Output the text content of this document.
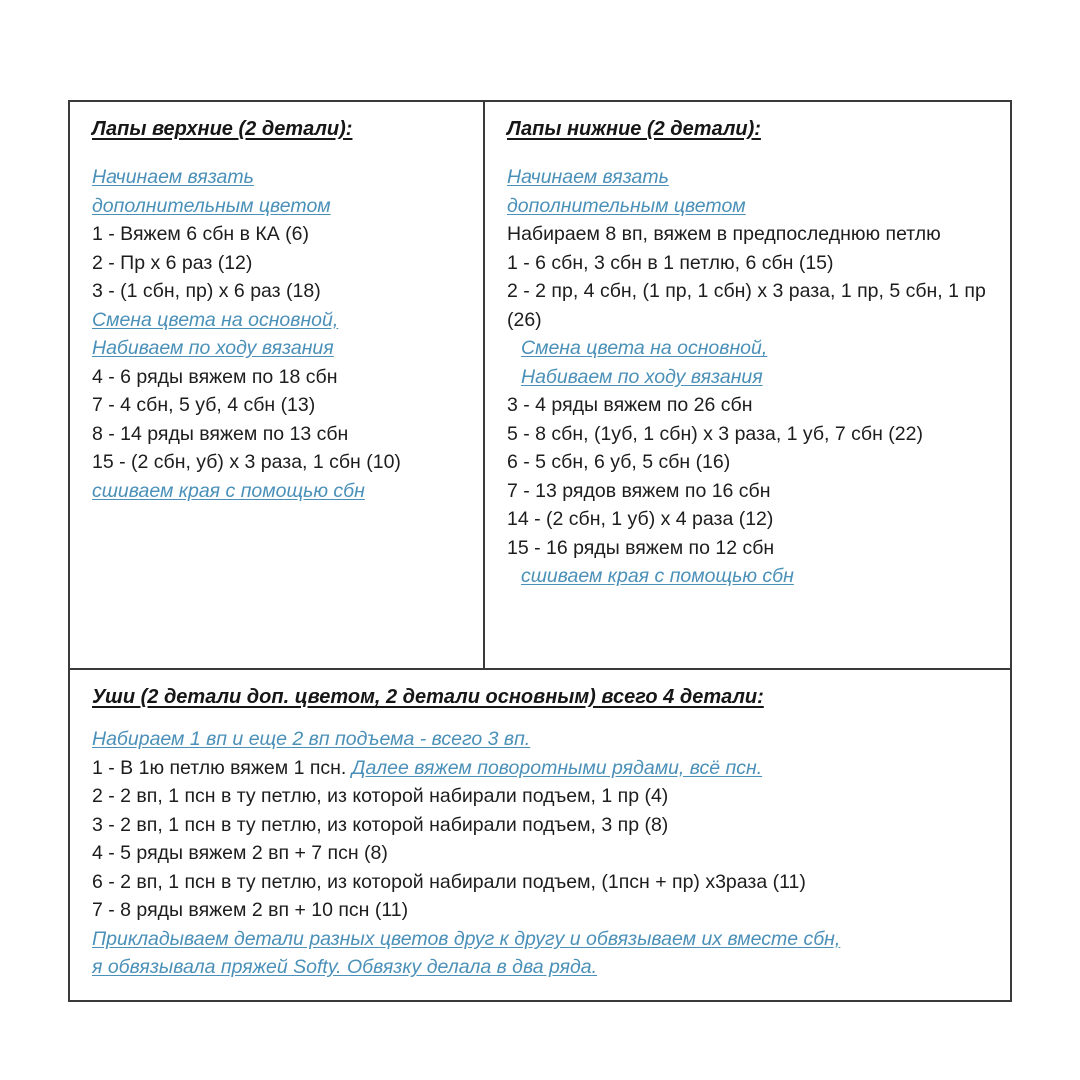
Лапы верхние (2 детали):
Начинаем вязать
дополнительным цветом
1 - Вяжем 6 сбн в КА (6)
2 - Пр х 6 раз (12)
3 - (1 сбн, пр) х 6 раз (18)
Смена цвета на основной,
Набиваем по ходу вязания
4 - 6 ряды вяжем по 18 сбн
7 - 4 сбн, 5 уб, 4 сбн (13)
8 - 14 ряды вяжем по 13 сбн
15 - (2 сбн, уб) х 3 раза, 1 сбн (10)
сшиваем края с помощью сбн
Лапы нижние (2 детали):
Начинаем вязать
дополнительным цветом
Набираем 8 вп, вяжем в предпоследнюю петлю
1 - 6 сбн, 3 сбн в 1 петлю, 6 сбн (15)
2 - 2 пр, 4 сбн, (1 пр, 1 сбн) х 3 раза, 1 пр, 5 сбн, 1 пр (26)
Смена цвета на основной,
Набиваем по ходу вязания
3 - 4 ряды вяжем по 26 сбн
5 - 8 сбн, (1уб, 1 сбн) х 3 раза, 1 уб, 7 сбн (22)
6 - 5 сбн, 6 уб, 5 сбн (16)
7 - 13 рядов вяжем по 16 сбн
14 - (2 сбн, 1 уб) х 4 раза (12)
15 - 16 ряды вяжем по 12 сбн
сшиваем края с помощью сбн
Уши (2 детали доп. цветом, 2 детали основным) всего 4 детали:
Набираем 1 вп и еще 2 вп подъема - всего 3 вп.
1 - В 1ю петлю вяжем 1 псн. Далее вяжем поворотными рядами, всё псн.
2 - 2 вп, 1 псн в ту петлю, из которой набирали подъем, 1 пр (4)
3 - 2 вп, 1 псн в ту петлю, из которой набирали подъем, 3 пр (8)
4 - 5 ряды вяжем 2 вп + 7 псн (8)
6 - 2 вп, 1 псн в ту петлю, из которой набирали подъем, (1псн + пр) х3раза (11)
7 - 8 ряды вяжем 2 вп + 10 псн (11)
Прикладываем детали разных цветов друг к другу и обвязываем их вместе сбн,
я обвязывала пряжей Softy. Обвязку делала в два ряда.
